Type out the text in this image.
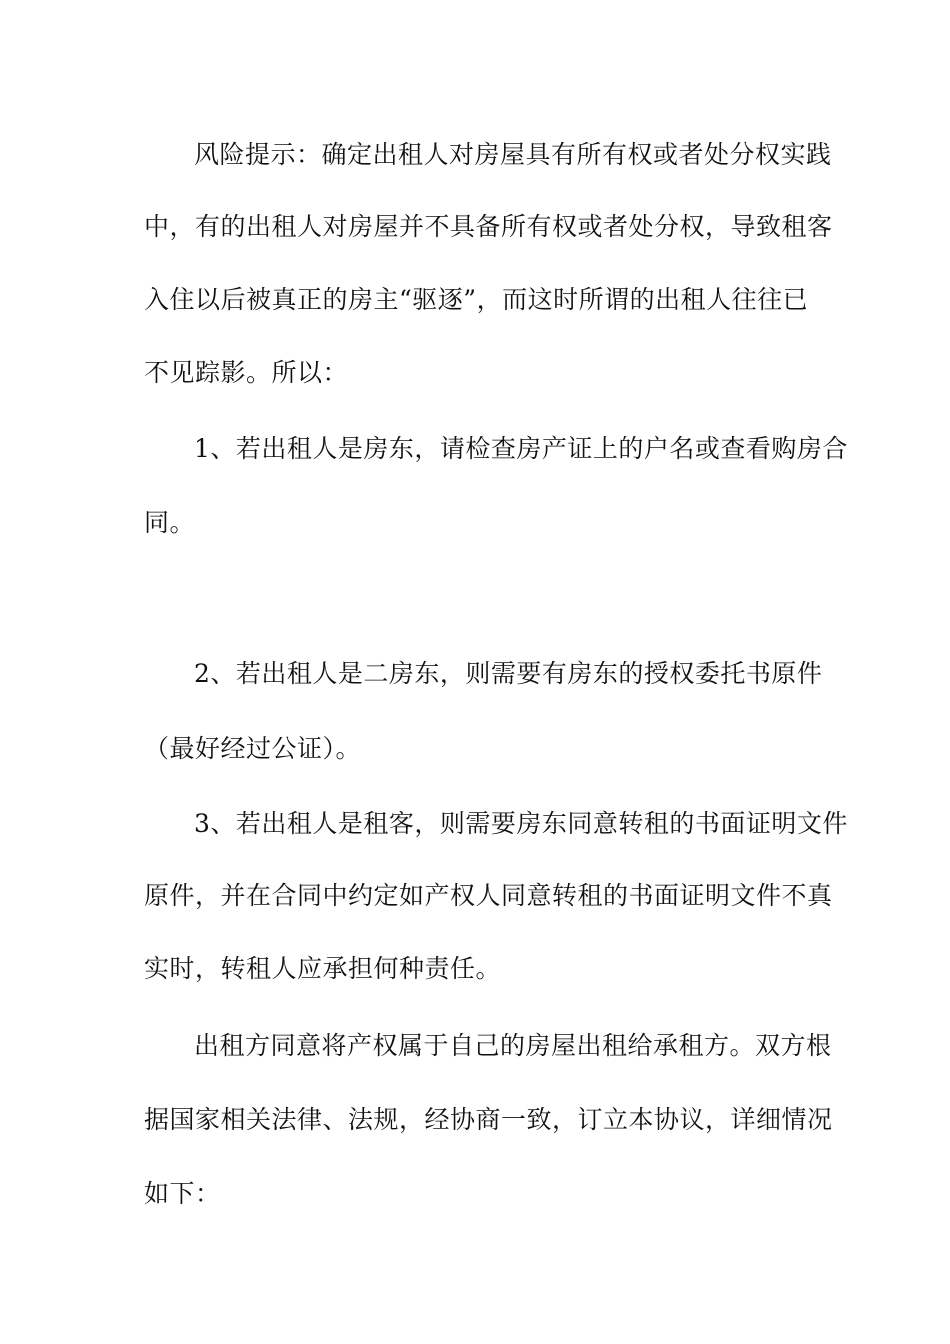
风险提示：确定出租人对房屋具有所有权或者处分权实践
中，有的出租人对房屋并不具备所有权或者处分权，导致租客
入住以后被真正的房主“驱逐”，而这时所谓的出租人往往已
不见踪影。所以：
1、若出租人是房东，请检查房产证上的户名或查看购房合
同。
2、若出租人是二房东，则需要有房东的授权委托书原件
（最好经过公证）。
3、若出租人是租客，则需要房东同意转租的书面证明文件
原件，并在合同中约定如产权人同意转租的书面证明文件不真
实时，转租人应承担何种责任。
出租方同意将产权属于自己的房屋出租给承租方。双方根
据国家相关法律、法规，经协商一致，订立本协议，详细情况
如下：
